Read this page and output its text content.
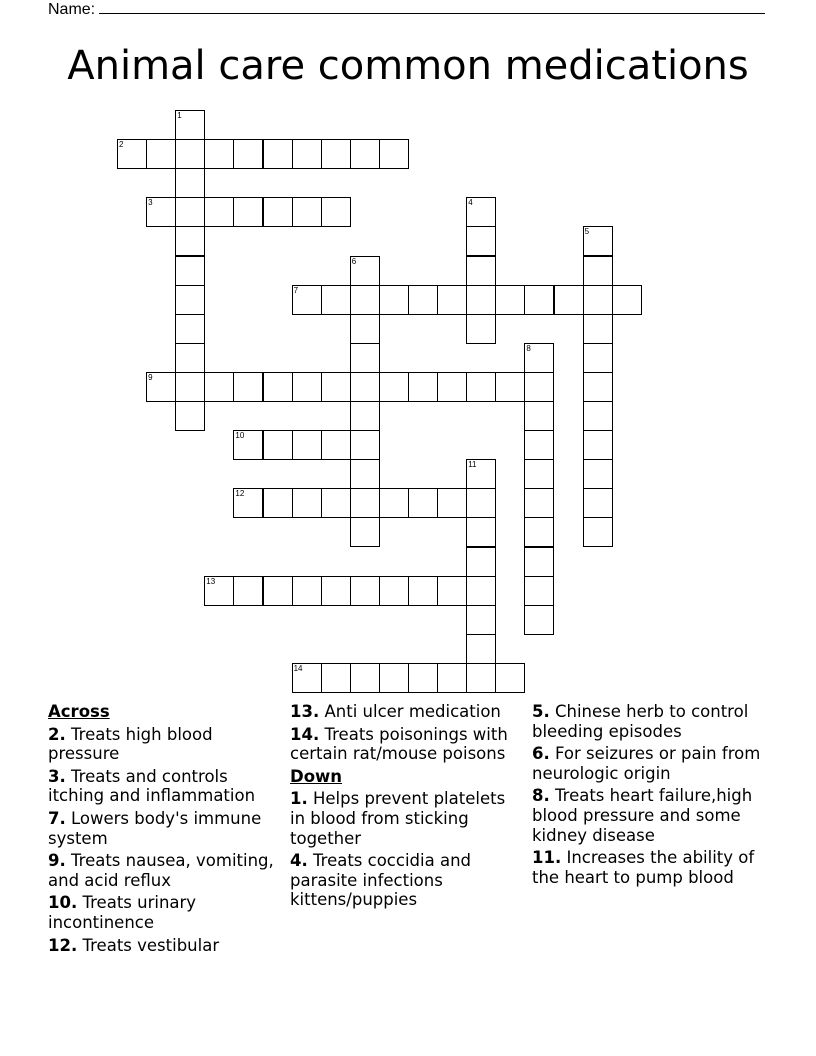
Name:
Animal care common medications
1
2
3	4
5
6
7
8
9
10
11
12
13
14
Across
2. Treats high blood pressure
3. Treats and controls itching and inflammation
7. Lowers body's immune system
9. Treats nausea, vomiting, and acid reflux
10. Treats urinary incontinence
12. Treats vestibular
13. Anti ulcer medication
14. Treats poisonings with certain rat/mouse poisons
Down
1. Helps prevent platelets in blood from sticking together
4. Treats coccidia and parasite infections kittens/puppies
5. Chinese herb to control bleeding episodes
6. For seizures or pain from neurologic origin
8. Treats heart failure,high blood pressure and some kidney disease
11. Increases the ability of the heart to pump blood
